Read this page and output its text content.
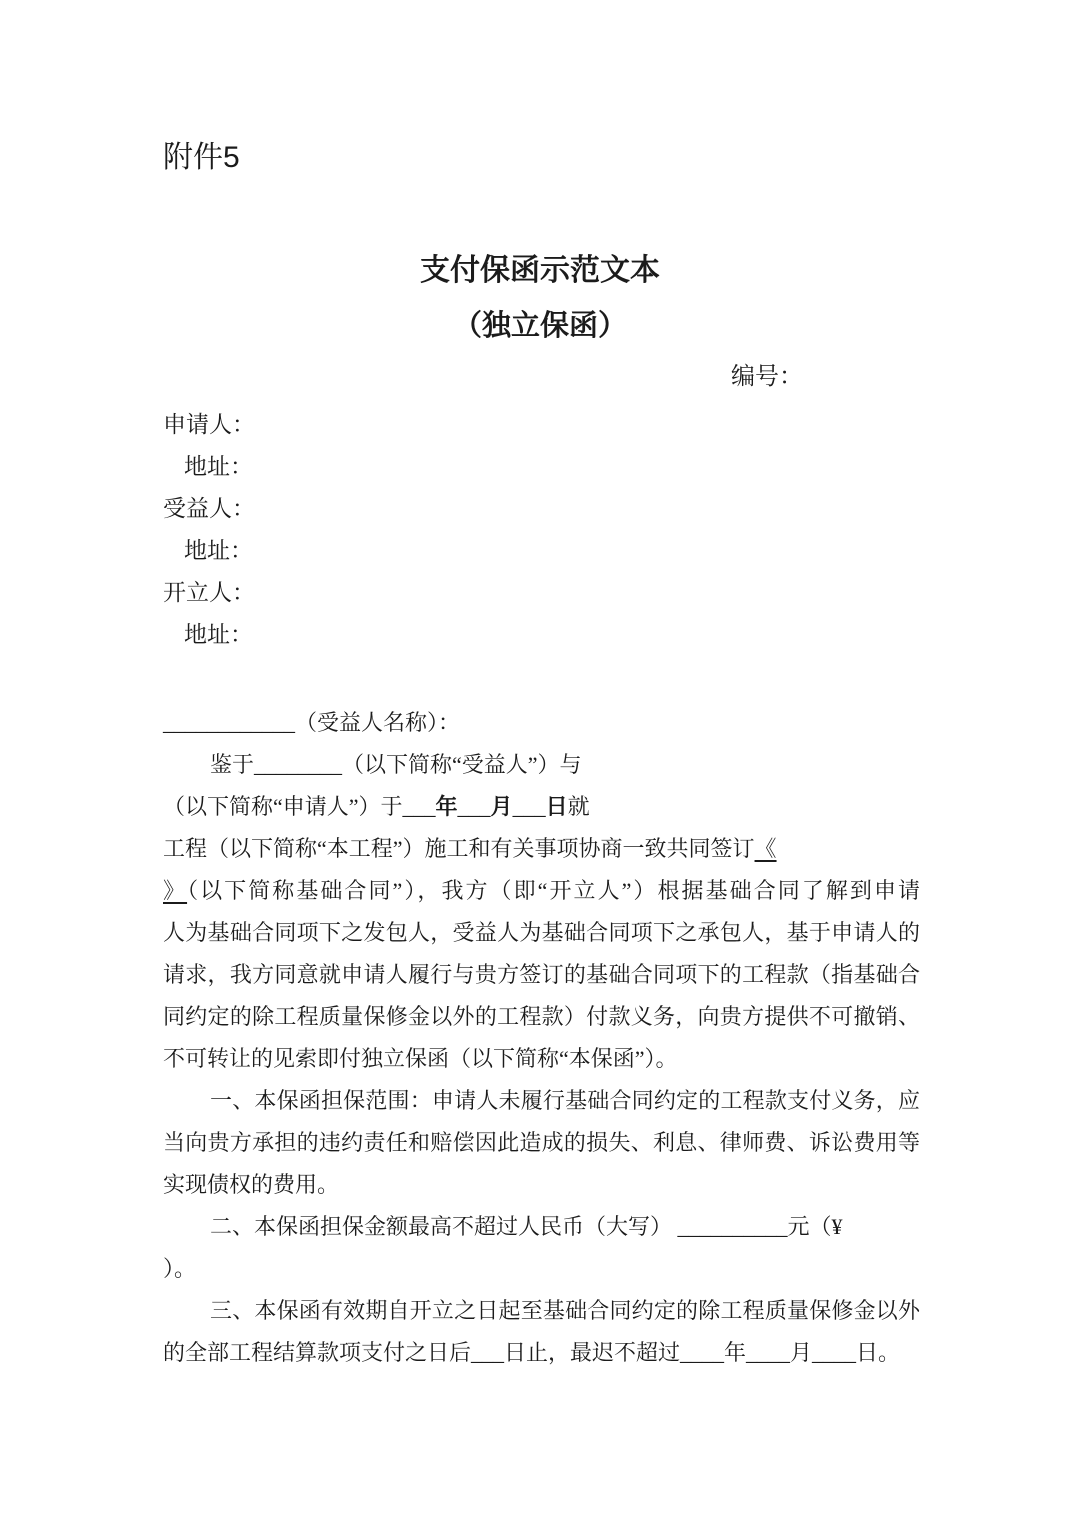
附件5
支付保函示范文本
（独立保函）
编号：
申请人：
地址：
受益人：
地址：
开立人：
地址：
____________（受益人名称）：
鉴于________（以下简称“受益人”）与
（以下简称“申请人”）于___年___月___日就
工程（以下简称“本工程”）施工和有关事项协商一致共同签订《
》（以下简称基础合同”），我方（即“开立人”）根据基础合同了解到申请
人为基础合同项下之发包人，受益人为基础合同项下之承包人，基于申请人的
请求，我方同意就申请人履行与贵方签订的基础合同项下的工程款（指基础合
同约定的除工程质量保修金以外的工程款）付款义务，向贵方提供不可撤销、
不可转让的见索即付独立保函（以下简称“本保函”）。
一、本保函担保范围：申请人未履行基础合同约定的工程款支付义务，应
当向贵方承担的违约责任和赔偿因此造成的损失、利息、律师费、诉讼费用等
实现债权的费用。
二、本保函担保金额最高不超过人民币（大写） __________元（¥
）。
三、本保函有效期自开立之日起至基础合同约定的除工程质量保修金以外
的全部工程结算款项支付之日后___日止，最迟不超过____年____月____日。
